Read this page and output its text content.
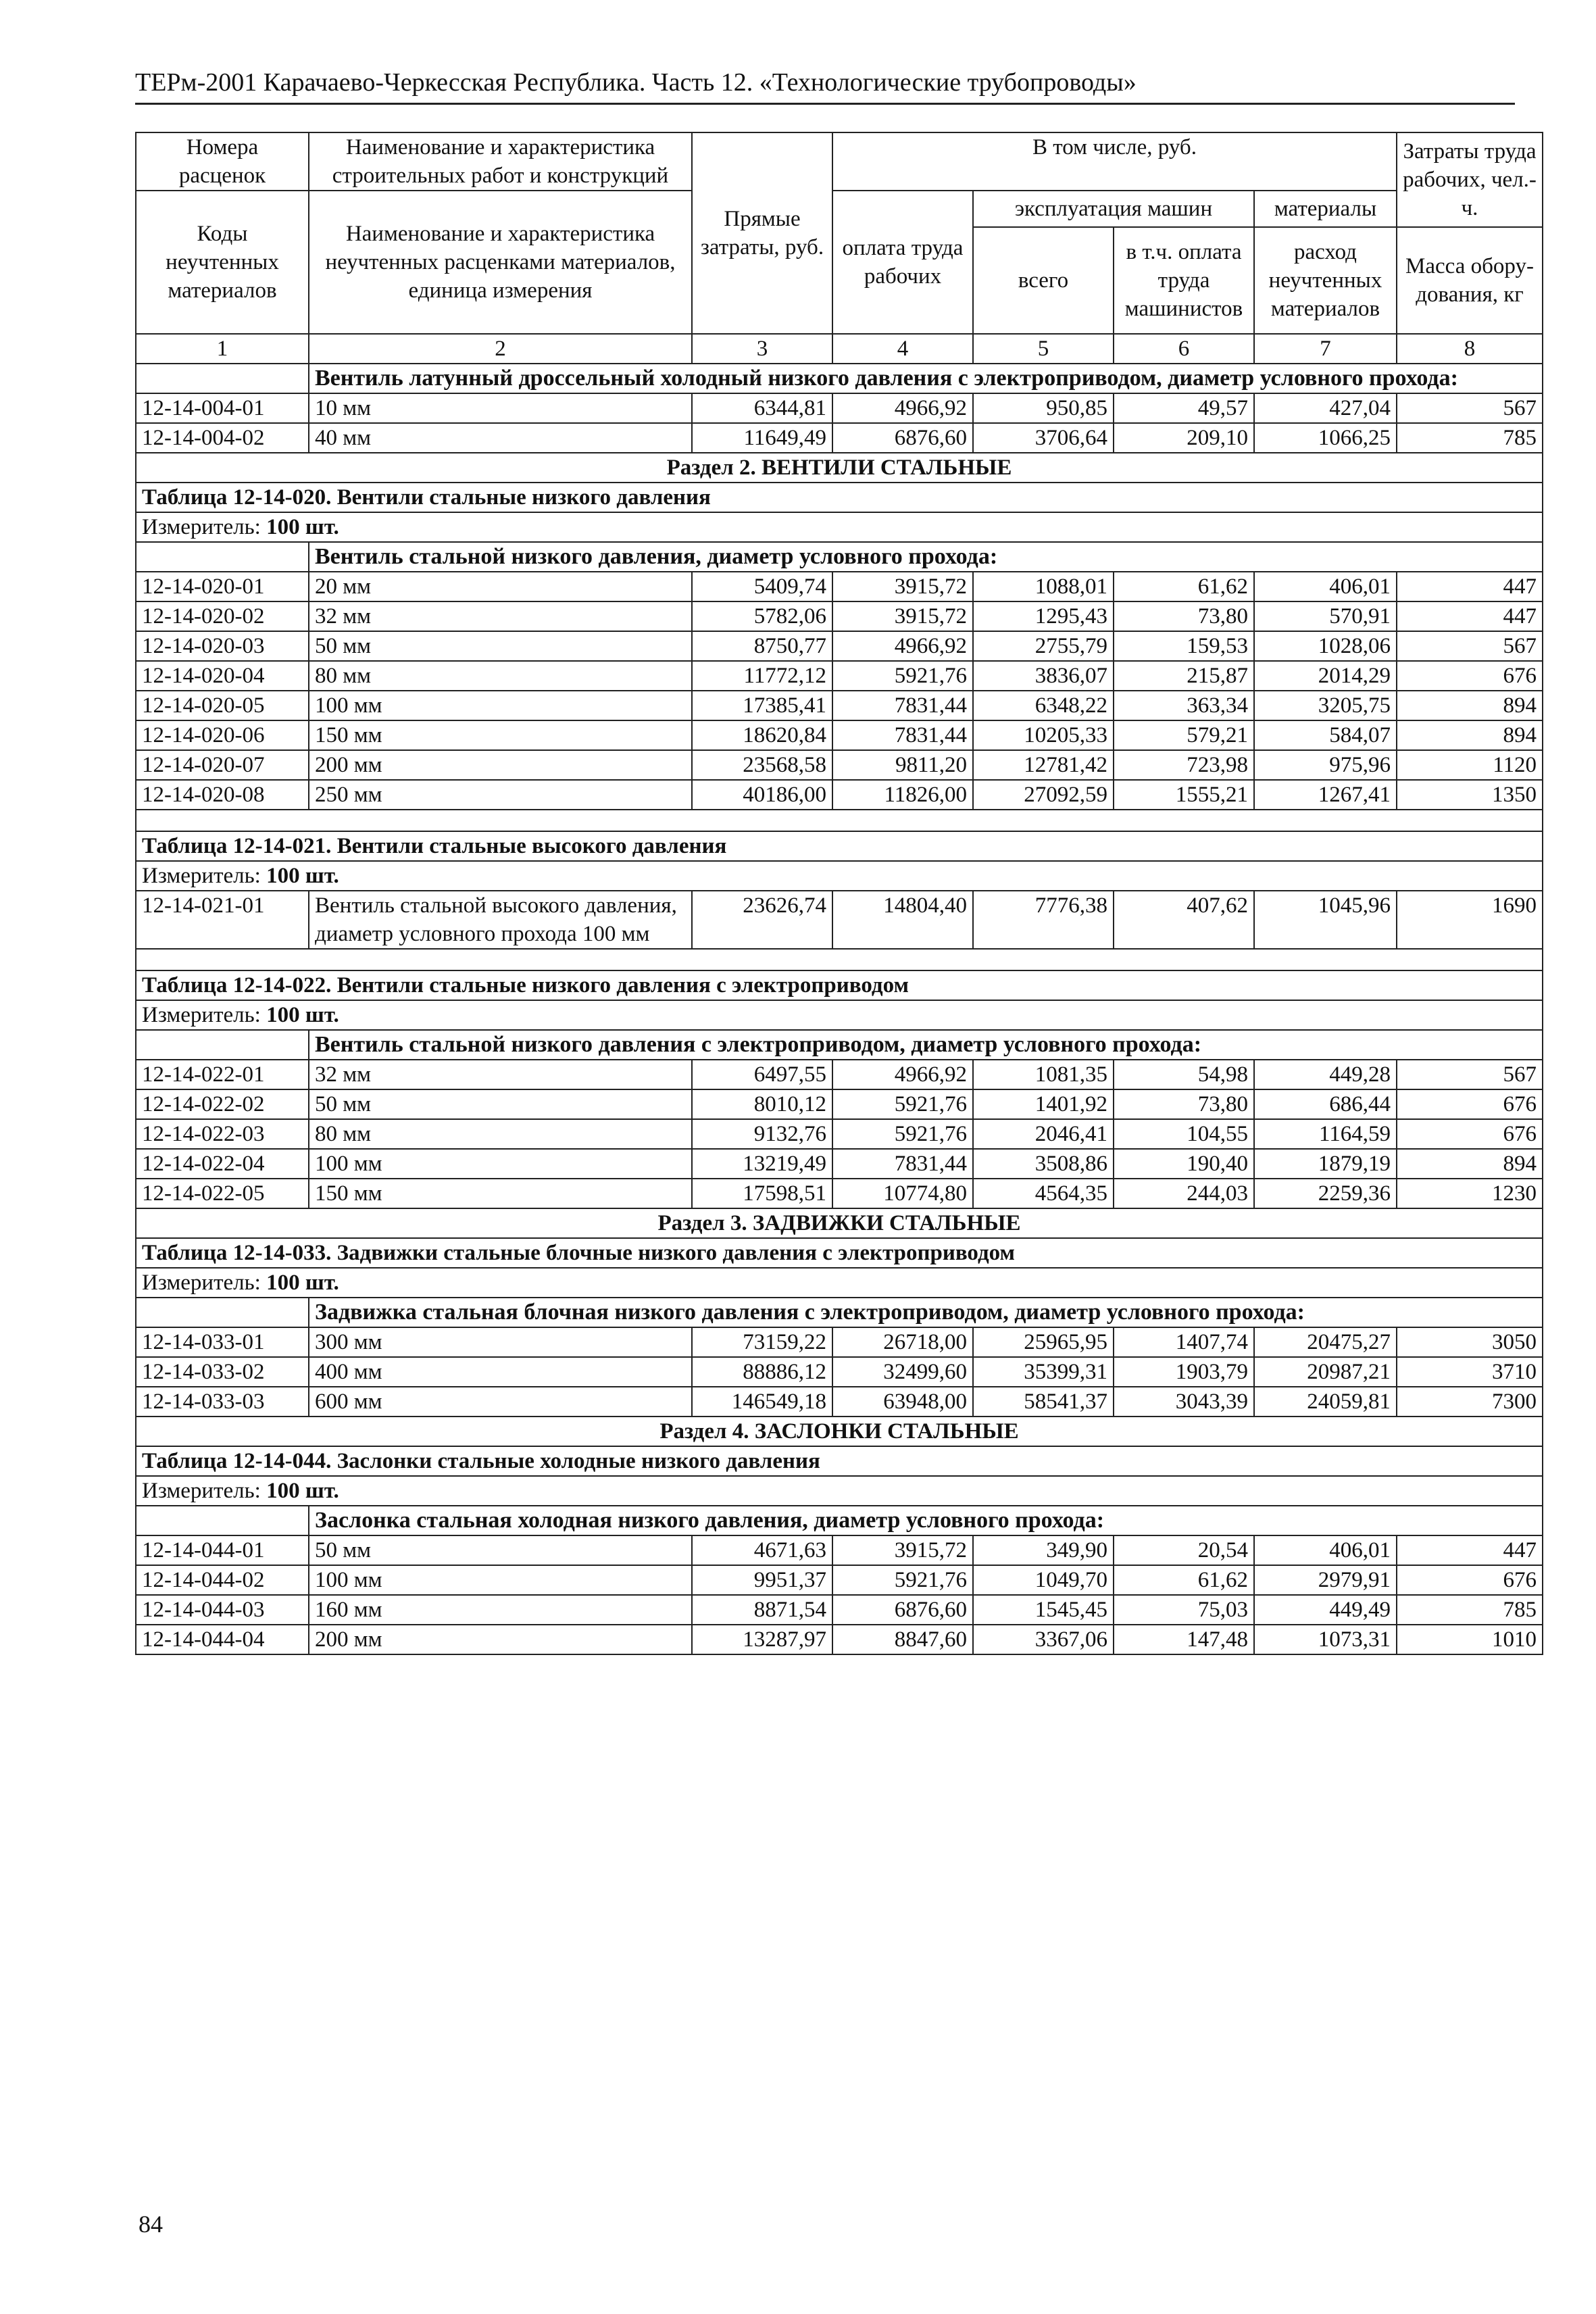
ТЕРм-2001 Карачаево-Черкесская Республика. Часть 12. «Технологические трубопроводы»
Номера расценок	Наименование и характеристика строительных работ и конструкций	Прямые затраты, руб.	В том числе, руб.				Затраты труда рабочих, чел.-ч.
Коды неучтенных материалов	Наименование и характеристика неучтенных расценками материалов, единица измерения		оплата труда рабочих	эксплуатация машин		материалы	
				всего	в т.ч. оплата труда машинистов	расход неучтенных материалов	Масса обору-дования, кг
1	2	3	4	5	6	7	8
	Вентиль латунный дроссельный холодный низкого давления с электроприводом, диаметр условного прохода:						
12-14-004-01	10 мм	6344,81	4966,92	950,85	49,57	427,04	567
12-14-004-02	40 мм	11649,49	6876,60	3706,64	209,10	1066,25	785
Раздел 2. ВЕНТИЛИ СТАЛЬНЫЕ							
Таблица 12-14-020. Вентили стальные низкого давления							
Измеритель: 100 шт.							
	Вентиль стальной низкого давления, диаметр условного прохода:						
12-14-020-01	20 мм	5409,74	3915,72	1088,01	61,62	406,01	447
12-14-020-02	32 мм	5782,06	3915,72	1295,43	73,80	570,91	447
12-14-020-03	50 мм	8750,77	4966,92	2755,79	159,53	1028,06	567
12-14-020-04	80 мм	11772,12	5921,76	3836,07	215,87	2014,29	676
12-14-020-05	100 мм	17385,41	7831,44	6348,22	363,34	3205,75	894
12-14-020-06	150 мм	18620,84	7831,44	10205,33	579,21	584,07	894
12-14-020-07	200 мм	23568,58	9811,20	12781,42	723,98	975,96	1120
12-14-020-08	250 мм	40186,00	11826,00	27092,59	1555,21	1267,41	1350

Таблица 12-14-021. Вентили стальные высокого давления							
Измеритель: 100 шт.							
12-14-021-01	Вентиль стальной высокого давления, диаметр условного прохода 100 мм	23626,74	14804,40	7776,38	407,62	1045,96	1690

Таблица 12-14-022. Вентили стальные низкого давления с электроприводом							
Измеритель: 100 шт.							
	Вентиль стальной низкого давления с электроприводом, диаметр условного прохода:						
12-14-022-01	32 мм	6497,55	4966,92	1081,35	54,98	449,28	567
12-14-022-02	50 мм	8010,12	5921,76	1401,92	73,80	686,44	676
12-14-022-03	80 мм	9132,76	5921,76	2046,41	104,55	1164,59	676
12-14-022-04	100 мм	13219,49	7831,44	3508,86	190,40	1879,19	894
12-14-022-05	150 мм	17598,51	10774,80	4564,35	244,03	2259,36	1230
Раздел 3. ЗАДВИЖКИ СТАЛЬНЫЕ							
Таблица 12-14-033. Задвижки стальные блочные низкого давления с электроприводом							
Измеритель: 100 шт.							
	Задвижка стальная блочная низкого давления с электроприводом, диаметр условного прохода:						
12-14-033-01	300 мм	73159,22	26718,00	25965,95	1407,74	20475,27	3050
12-14-033-02	400 мм	88886,12	32499,60	35399,31	1903,79	20987,21	3710
12-14-033-03	600 мм	146549,18	63948,00	58541,37	3043,39	24059,81	7300
Раздел 4. ЗАСЛОНКИ СТАЛЬНЫЕ							
Таблица 12-14-044. Заслонки стальные холодные низкого давления							
Измеритель: 100 шт.							
	Заслонка стальная холодная низкого давления, диаметр условного прохода:						
12-14-044-01	50 мм	4671,63	3915,72	349,90	20,54	406,01	447
12-14-044-02	100 мм	9951,37	5921,76	1049,70	61,62	2979,91	676
12-14-044-03	160 мм	8871,54	6876,60	1545,45	75,03	449,49	785
12-14-044-04	200 мм	13287,97	8847,60	3367,06	147,48	1073,31	1010
84
